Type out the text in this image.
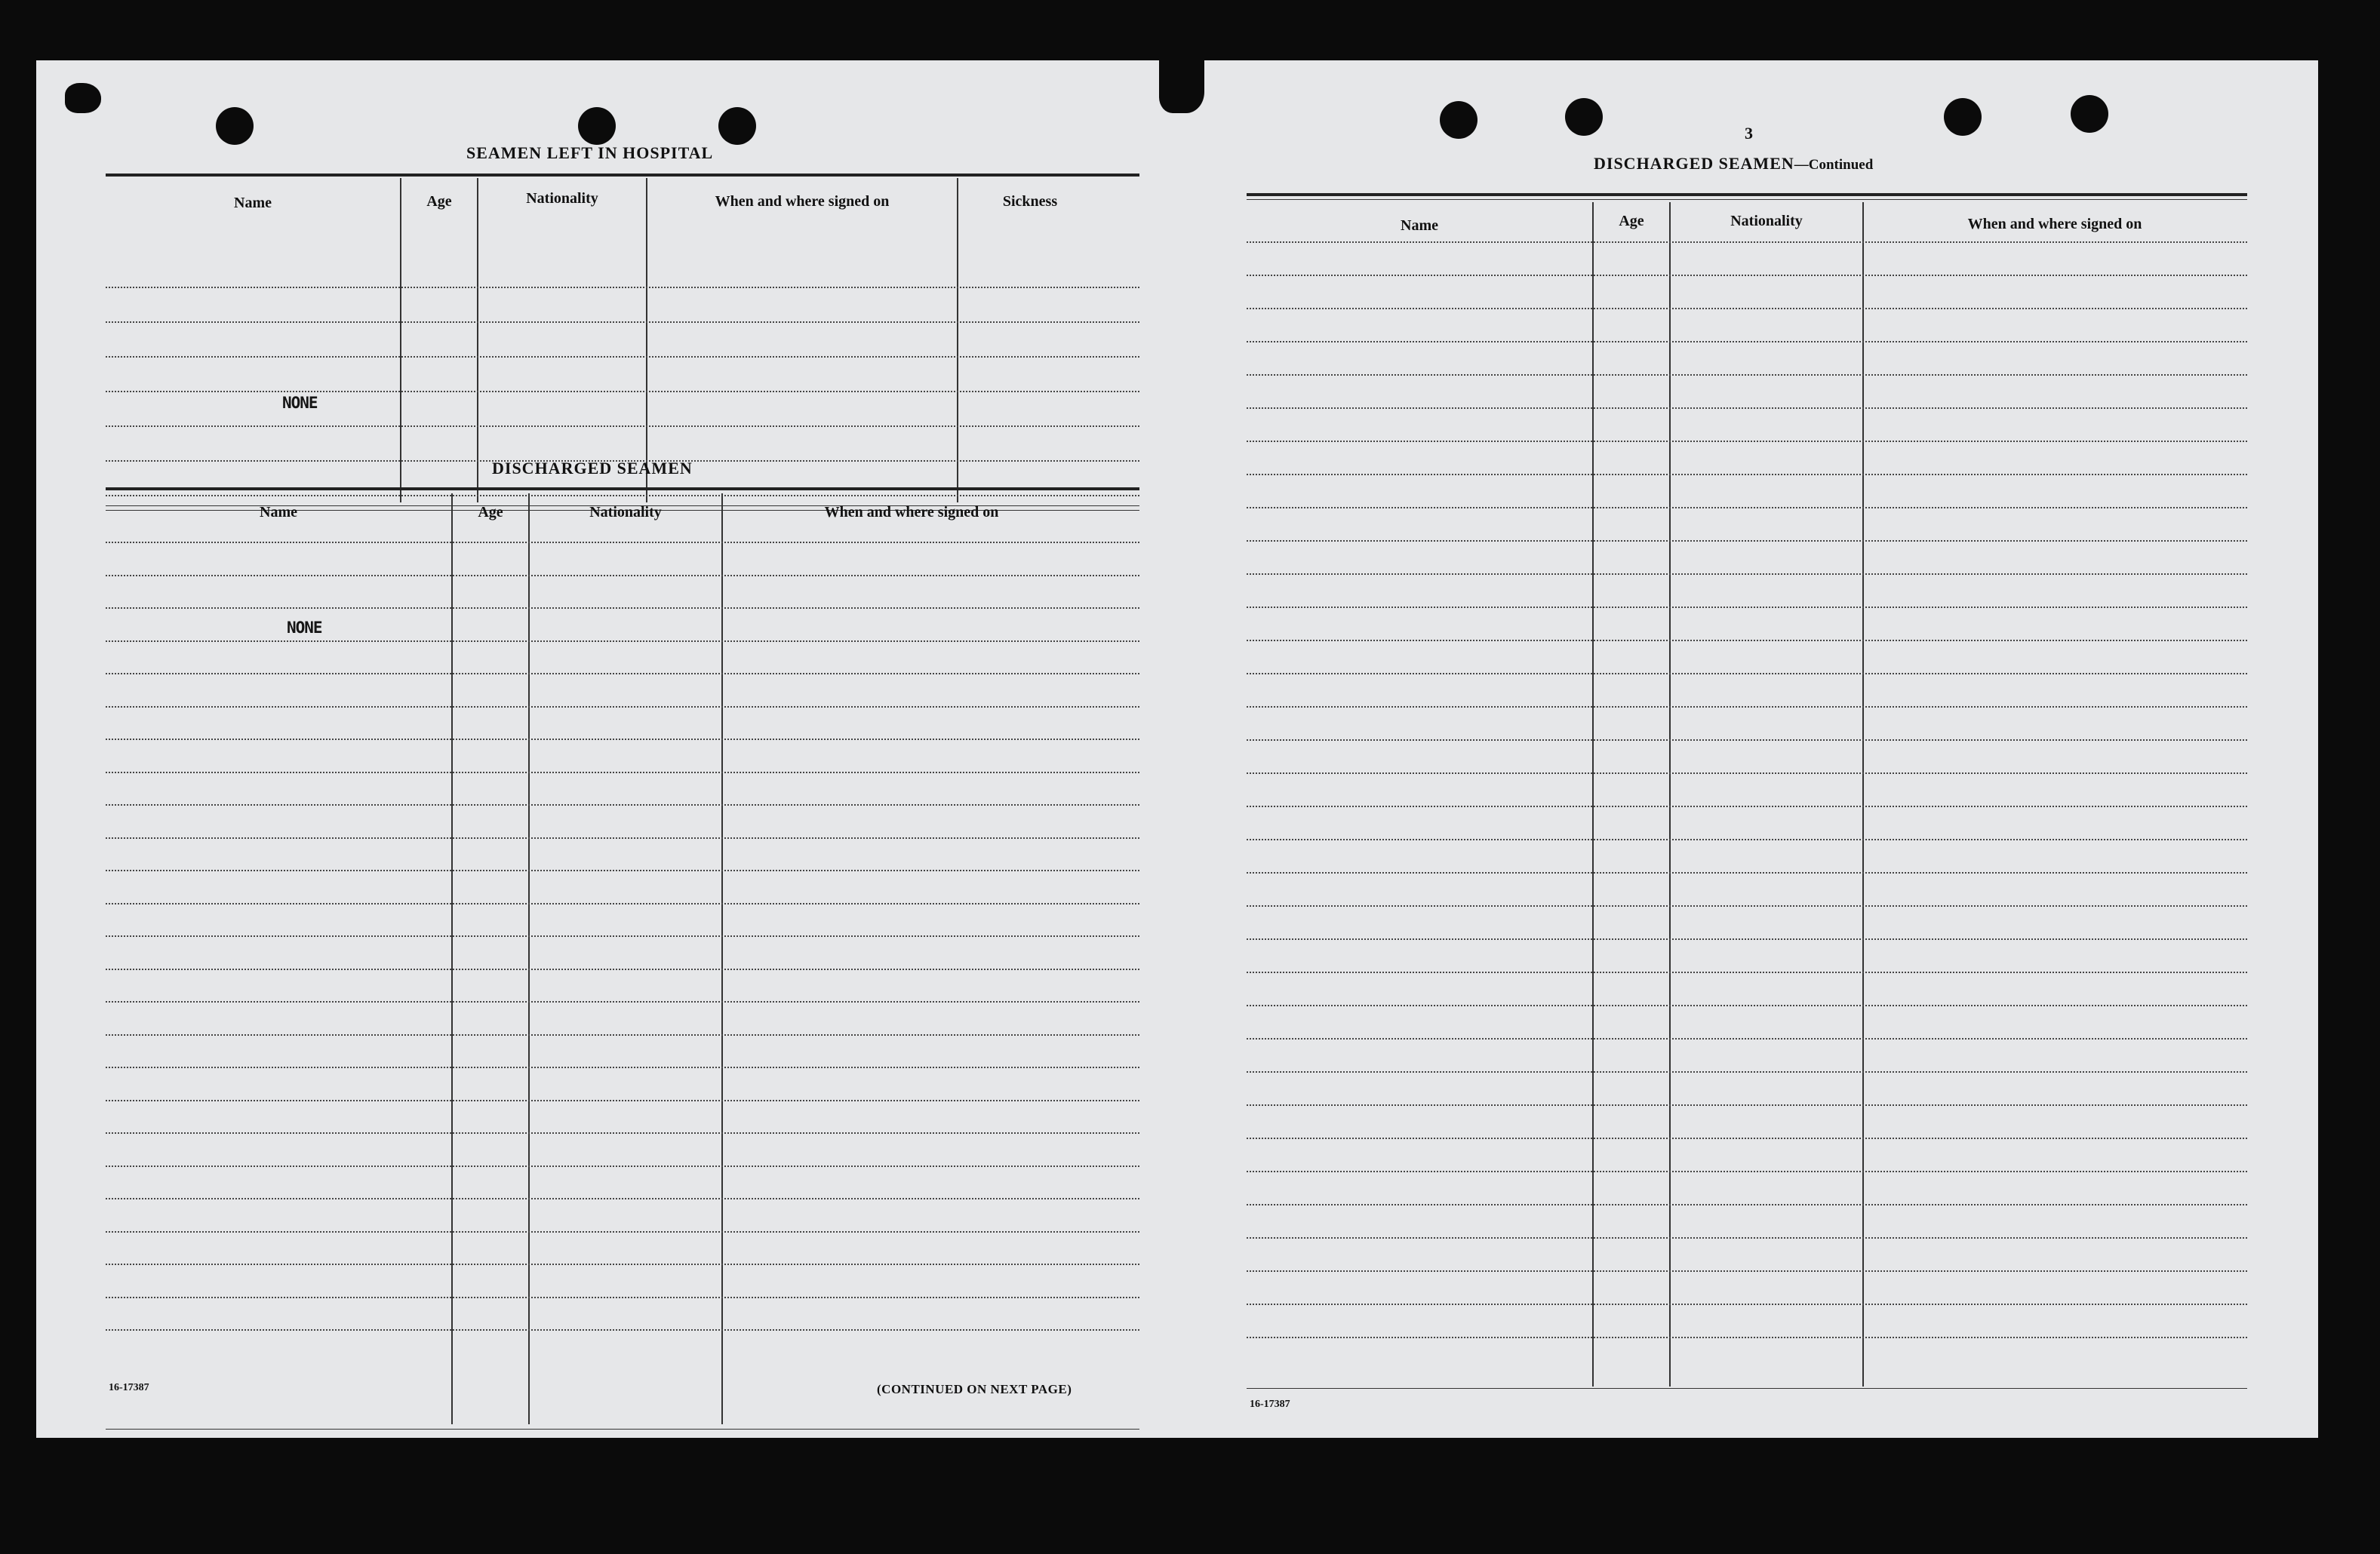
SEAMEN LEFT IN HOSPITAL
Name	Age	Nationality	When and where signed on	Sickness
NONE
DISCHARGED SEAMEN
Name	Age	Nationality	When and where signed on
NONE
16-17387	(CONTINUED ON NEXT PAGE)
3
DISCHARGED SEAMEN—Continued
Name	Age	Nationality	When and where signed on
16-17387
